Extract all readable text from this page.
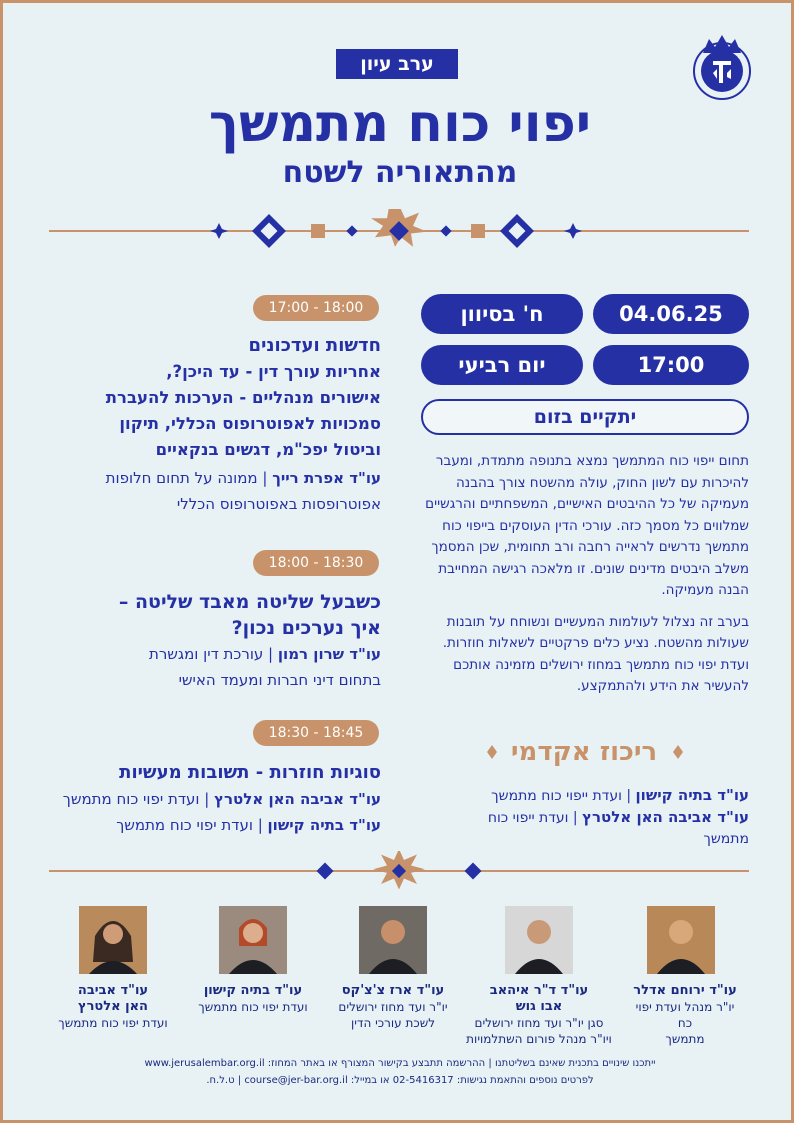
ערב עיון
יפוי כוח מתמשך
מהתאוריה לשטח
04.06.25
ח' בסיוון
17:00
יום רביעי
יתקיים בזום

תחום ייפוי כוח המתמשך נמצא בתנופה מתמדת, ומעבר להיכרות עם לשון החוק, עולה מהשטח צורך בהבנה מעמיקה של כל ההיבטים האישיים, המשפחתיים והרגשיים שמלווים כל מסמך כזה. עורכי הדין העוסקים בייפוי כוח מתמשך נדרשים לראייה רחבה ורב תחומית, שכן המסמך משלב היבטים מדינים שונים. זו מלאכה רגישה המחייבת הבנה מעמיקה.

בערב זה נצלול לעולמות המעשיים ונשוחח על תובנות שעולות מהשטח. נציע כלים פרקטיים לשאלות חוזרות.

ועדת יפוי כוח מתמשך במחוז ירושלים מזמינה אותכם להעשיר את הידע ולהתמקצע.

ריכוז אקדמי
עו"ד בתיה קישון | ועדת ייפוי כוח מתמשך
עו"ד אביבה האן אלטרץ | ועדת ייפוי כוח
מתמשך
17:00 - 18:00
חדשות ועדכונים
אחריות עורך דין - עד היכן?,
אישורים מנהליים - הערכות להעברת
סמכויות לאפוטרופוס הכללי, תיקון
וביטול יפכ"מ, דגשים בנקאיים
עו"ד אפרת רייך | ממונה על תחום חלופות
אפוטרופסות באפוטרופוס הכללי
18:00 - 18:30
כשבעל שליטה מאבד שליטה –
איך נערכים נכון?
עו"ד שרון רמון | עורכת דין ומגשרת
בתחום דיני חברות ומעמד האישי
18:30 - 18:45
סוגיות חוזרות - תשובות מעשיות
עו"ד אביבה האן אלטרץ | ועדת יפוי כוח מתמשך
עו"ד בתיה קישון | ועדת יפוי כוח מתמשך
עו"ד ירוחם אדלר
יו"ר מנהל ועדת יפוי כח
מתמשך
עו"ד ד"ר איהאב
אבו גוש
סגן יו"ר ועד מחוז ירושלים
ויו"ר מנהל פורום השתלמויות
עו"ד ארז צ'צ'קס
יו"ר ועד מחוז ירושלים
לשכת עורכי הדין
עו"ד בתיה קישון
ועדת יפוי כוח מתמשך
עו"ד אביבה
האן אלטרץ
ועדת יפוי כוח מתמשך
ייתכנו שינויים בתכנית שאינם בשליטתנו | ההרשמה תתבצע בקישור המצורף או באתר המחוז: www.jerusalembar.org.il
לפרטים נוספים והתאמת נגישות: 02-5416317 או במייל: course@jer-bar.org.il | ט.ל.ח.
